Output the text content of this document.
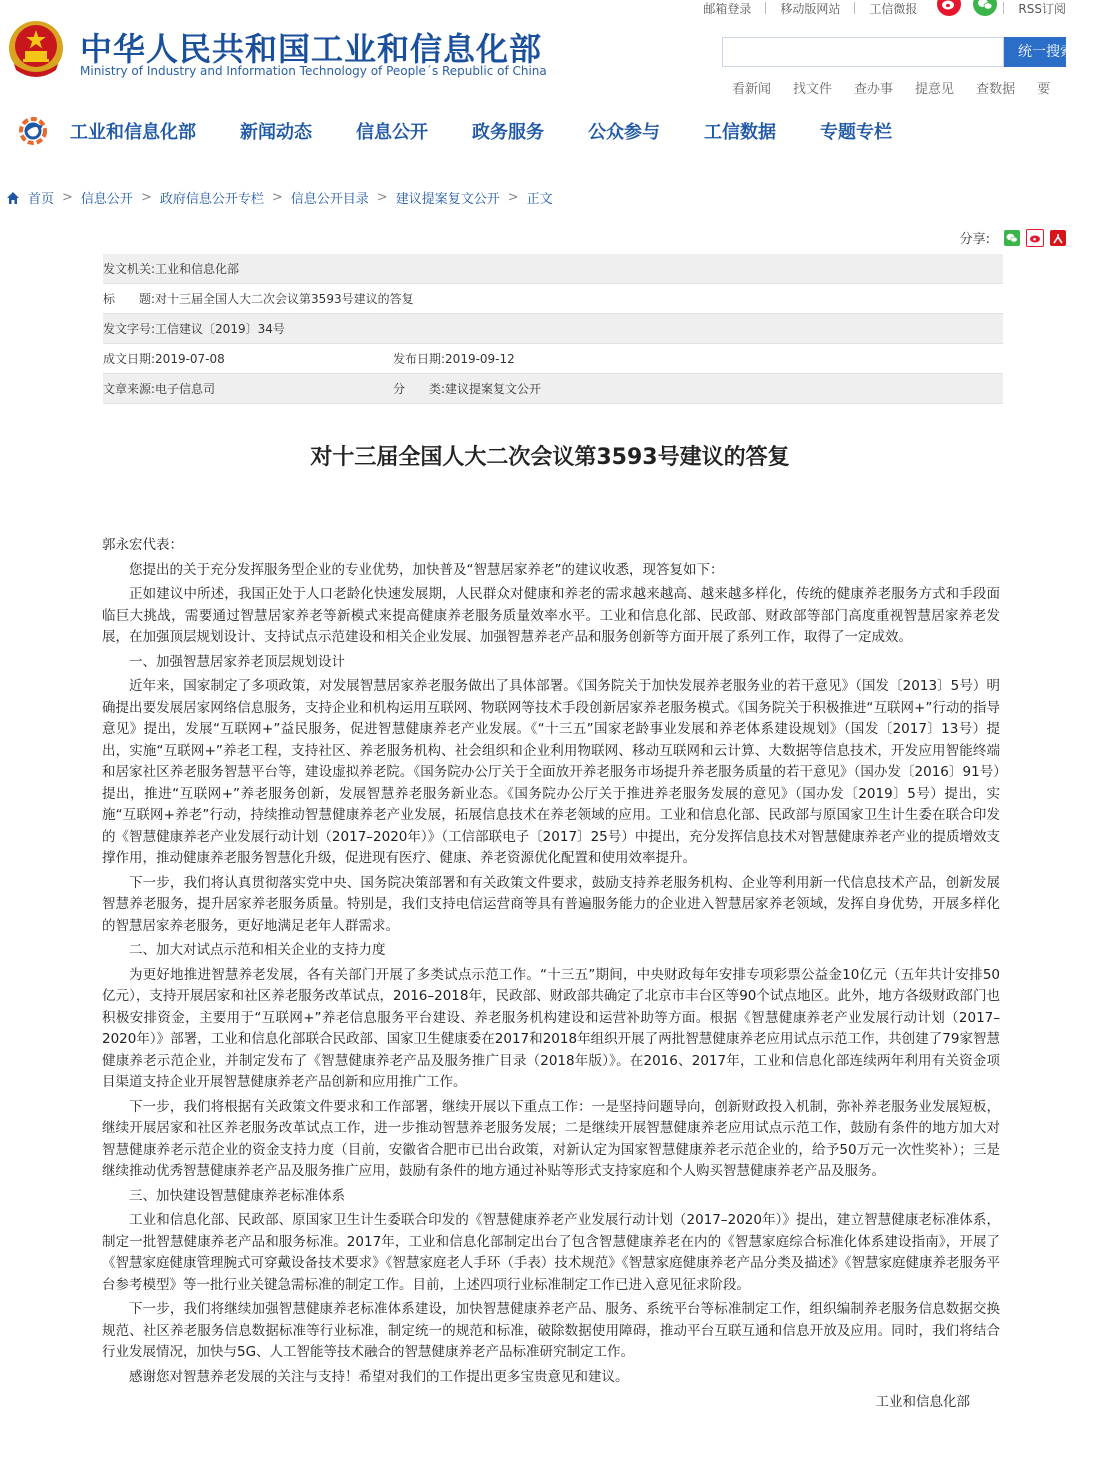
邮箱登录	移动版网站	工信微报	RSS订阅
中华人民共和国工业和信息化部
Ministry of Industry and Information Technology of People´s Republic of China
统一搜索
看新闻 找文件 查办事 提意见 查数据 要
工业和信息化部 新闻动态 信息公开 政务服务 公众参与 工信数据 专题专栏
首页 > 信息公开 > 政府信息公开专栏 > 信息公开目录 > 建议提案复文公开 > 正文
分享:
发文机关: 工业和信息化部
标　　题: 对十三届全国人大二次会议第3593号建议的答复
发文字号: 工信建议〔2019〕34号
成文日期: 2019-07-08	发布日期: 2019-09-12
文章来源: 电子信息司	分　　类: 建议提案复文公开
对十三届全国人大二次会议第3593号建议的答复

郭永宏代表：

您提出的关于充分发挥服务型企业的专业优势，加快普及“智慧居家养老”的建议收悉，现答复如下：

正如建议中所述，我国正处于人口老龄化快速发展期，人民群众对健康和养老的需求越来越高、越来越多样化，传统的健康养老服务方式和手段面临巨大挑战，需要通过智慧居家养老等新模式来提高健康养老服务质量效率水平。工业和信息化部、民政部、财政部等部门高度重视智慧居家养老发展，在加强顶层规划设计、支持试点示范建设和相关企业发展、加强智慧养老产品和服务创新等方面开展了系列工作，取得了一定成效。

一、加强智慧居家养老顶层规划设计

近年来，国家制定了多项政策，对发展智慧居家养老服务做出了具体部署。《国务院关于加快发展养老服务业的若干意见》（国发〔2013〕5号）明确提出要发展居家网络信息服务，支持企业和机构运用互联网、物联网等技术手段创新居家养老服务模式。《国务院关于积极推进“互联网+”行动的指导意见》提出，发展“互联网+”益民服务，促进智慧健康养老产业发展。《“十三五”国家老龄事业发展和养老体系建设规划》（国发〔2017〕13号）提出，实施“互联网+”养老工程，支持社区、养老服务机构、社会组织和企业利用物联网、移动互联网和云计算、大数据等信息技术，开发应用智能终端和居家社区养老服务智慧平台等，建设虚拟养老院。《国务院办公厅关于全面放开养老服务市场提升养老服务质量的若干意见》（国办发〔2016〕91号）提出，推进“互联网+”养老服务创新，发展智慧养老服务新业态。《国务院办公厅关于推进养老服务发展的意见》（国办发〔2019〕5号）提出，实施“互联网+养老”行动，持续推动智慧健康养老产业发展，拓展信息技术在养老领域的应用。工业和信息化部、民政部与原国家卫生计生委在联合印发的《智慧健康养老产业发展行动计划（2017–2020年）》（工信部联电子〔2017〕25号）中提出，充分发挥信息技术对智慧健康养老产业的提质增效支撑作用，推动健康养老服务智慧化升级，促进现有医疗、健康、养老资源优化配置和使用效率提升。

下一步，我们将认真贯彻落实党中央、国务院决策部署和有关政策文件要求，鼓励支持养老服务机构、企业等利用新一代信息技术产品，创新发展智慧养老服务，提升居家养老服务质量。特别是，我们支持电信运营商等具有普遍服务能力的企业进入智慧居家养老领域，发挥自身优势，开展多样化的智慧居家养老服务，更好地满足老年人群需求。

二、加大对试点示范和相关企业的支持力度

为更好地推进智慧养老发展，各有关部门开展了多类试点示范工作。“十三五”期间，中央财政每年安排专项彩票公益金10亿元（五年共计安排50亿元），支持开展居家和社区养老服务改革试点，2016–2018年，民政部、财政部共确定了北京市丰台区等90个试点地区。此外，地方各级财政部门也积极安排资金，主要用于“互联网+”养老信息服务平台建设、养老服务机构建设和运营补助等方面。根据《智慧健康养老产业发展行动计划（2017–2020年）》部署，工业和信息化部联合民政部、国家卫生健康委在2017和2018年组织开展了两批智慧健康养老应用试点示范工作，共创建了79家智慧健康养老示范企业，并制定发布了《智慧健康养老产品及服务推广目录（2018年版）》。在2016、2017年，工业和信息化部连续两年利用有关资金项目渠道支持企业开展智慧健康养老产品创新和应用推广工作。

下一步，我们将根据有关政策文件要求和工作部署，继续开展以下重点工作：一是坚持问题导向，创新财政投入机制，弥补养老服务业发展短板，继续开展居家和社区养老服务改革试点工作，进一步推动智慧养老服务发展；二是继续开展智慧健康养老应用试点示范工作，鼓励有条件的地方加大对智慧健康养老示范企业的资金支持力度（目前，安徽省合肥市已出台政策，对新认定为国家智慧健康养老示范企业的，给予50万元一次性奖补）；三是继续推动优秀智慧健康养老产品及服务推广应用，鼓励有条件的地方通过补贴等形式支持家庭和个人购买智慧健康养老产品及服务。

三、加快建设智慧健康养老标准体系

工业和信息化部、民政部、原国家卫生计生委联合印发的《智慧健康养老产业发展行动计划（2017–2020年）》提出，建立智慧健康老标准体系，制定一批智慧健康养老产品和服务标准。2017年，工业和信息化部制定出台了包含智慧健康养老在内的《智慧家庭综合标准化体系建设指南》，开展了《智慧家庭健康管理腕式可穿戴设备技术要求》《智慧家庭老人手环（手表）技术规范》《智慧家庭健康养老产品分类及描述》《智慧家庭健康养老服务平台参考模型》等一批行业关键急需标准的制定工作。目前，上述四项行业标准制定工作已进入意见征求阶段。

下一步，我们将继续加强智慧健康养老标准体系建设，加快智慧健康养老产品、服务、系统平台等标准制定工作，组织编制养老服务信息数据交换规范、社区养老服务信息数据标准等行业标准，制定统一的规范和标准，破除数据使用障碍，推动平台互联互通和信息开放及应用。同时，我们将结合行业发展情况，加快与5G、人工智能等技术融合的智慧健康养老产品标准研究制定工作。

感谢您对智慧养老发展的关注与支持！希望对我们的工作提出更多宝贵意见和建议。

工业和信息化部
